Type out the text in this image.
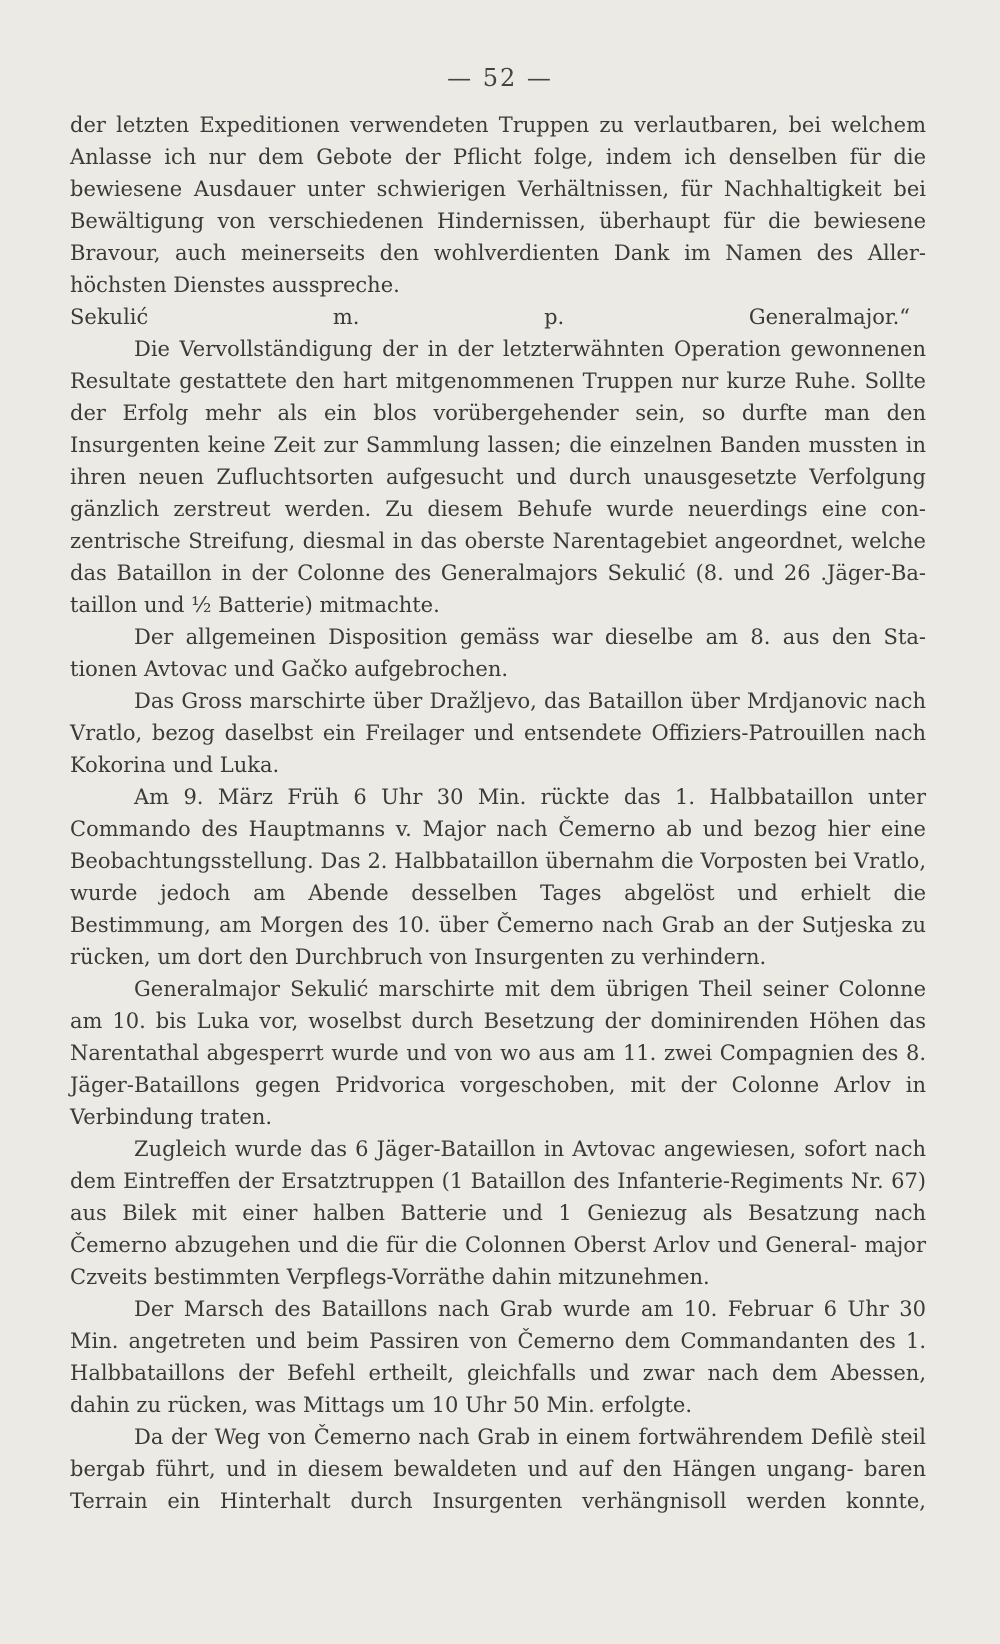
— 52 —

der letzten Expeditionen verwendeten Truppen zu verlautbaren, bei welchem Anlasse ich nur dem Gebote der Pflicht folge, indem ich denselben für die bewiesene Ausdauer unter schwierigen Verhältnissen, für Nachhaltigkeit bei Bewältigung von verschiedenen Hindernissen, überhaupt für die bewiesene Bravour, auch meinerseits den wohlverdienten Dank im Namen des Aller- höchsten Dienstes ausspreche.

Sekulić m. p. Generalmajor.“

Die Vervollständigung der in der letzterwähnten Operation gewonnenen Resultate gestattete den hart mitgenommenen Truppen nur kurze Ruhe. Sollte der Erfolg mehr als ein blos vorübergehender sein, so durfte man den Insurgenten keine Zeit zur Sammlung lassen; die einzelnen Banden mussten in ihren neuen Zufluchtsorten aufgesucht und durch unausgesetzte Verfolgung gänzlich zerstreut werden. Zu diesem Behufe wurde neuerdings eine con- zentrische Streifung, diesmal in das oberste Narentagebiet angeordnet, welche das Bataillon in der Colonne des Generalmajors Sekulić (8. und 26 .Jäger-Ba- taillon und ½ Batterie) mitmachte.

Der allgemeinen Disposition gemäss war dieselbe am 8. aus den Sta- tionen Avtovac und Gačko aufgebrochen.

Das Gross marschirte über Dražljevo, das Bataillon über Mrdjanovic nach Vratlo, bezog daselbst ein Freilager und entsendete Offiziers-Patrouillen nach Kokorina und Luka.

Am 9. März Früh 6 Uhr 30 Min. rückte das 1. Halbbataillon unter Commando des Hauptmanns v. Major nach Čemerno ab und bezog hier eine Beobachtungsstellung. Das 2. Halbbataillon übernahm die Vorposten bei Vratlo, wurde jedoch am Abende desselben Tages abgelöst und erhielt die Bestimmung, am Morgen des 10. über Čemerno nach Grab an der Sutjeska zu rücken, um dort den Durchbruch von Insurgenten zu verhindern.

Generalmajor Sekulić marschirte mit dem übrigen Theil seiner Colonne am 10. bis Luka vor, woselbst durch Besetzung der dominirenden Höhen das Narentathal abgesperrt wurde und von wo aus am 11. zwei Compagnien des 8. Jäger-Bataillons gegen Pridvorica vorgeschoben, mit der Colonne Arlov in Verbindung traten.

Zugleich wurde das 6 Jäger-Bataillon in Avtovac angewiesen, sofort nach dem Eintreffen der Ersatztruppen (1 Bataillon des Infanterie-Regiments Nr. 67) aus Bilek mit einer halben Batterie und 1 Geniezug als Besatzung nach Čemerno abzugehen und die für die Colonnen Oberst Arlov und General- major Czveits bestimmten Verpflegs-Vorräthe dahin mitzunehmen.

Der Marsch des Bataillons nach Grab wurde am 10. Februar 6 Uhr 30 Min. angetreten und beim Passiren von Čemerno dem Commandanten des 1. Halbbataillons der Befehl ertheilt, gleichfalls und zwar nach dem Abessen, dahin zu rücken, was Mittags um 10 Uhr 50 Min. erfolgte.

Da der Weg von Čemerno nach Grab in einem fortwährendem Defilè steil bergab führt, und in diesem bewaldeten und auf den Hängen ungang- baren Terrain ein Hinterhalt durch Insurgenten verhängnisoll werden konnte,
